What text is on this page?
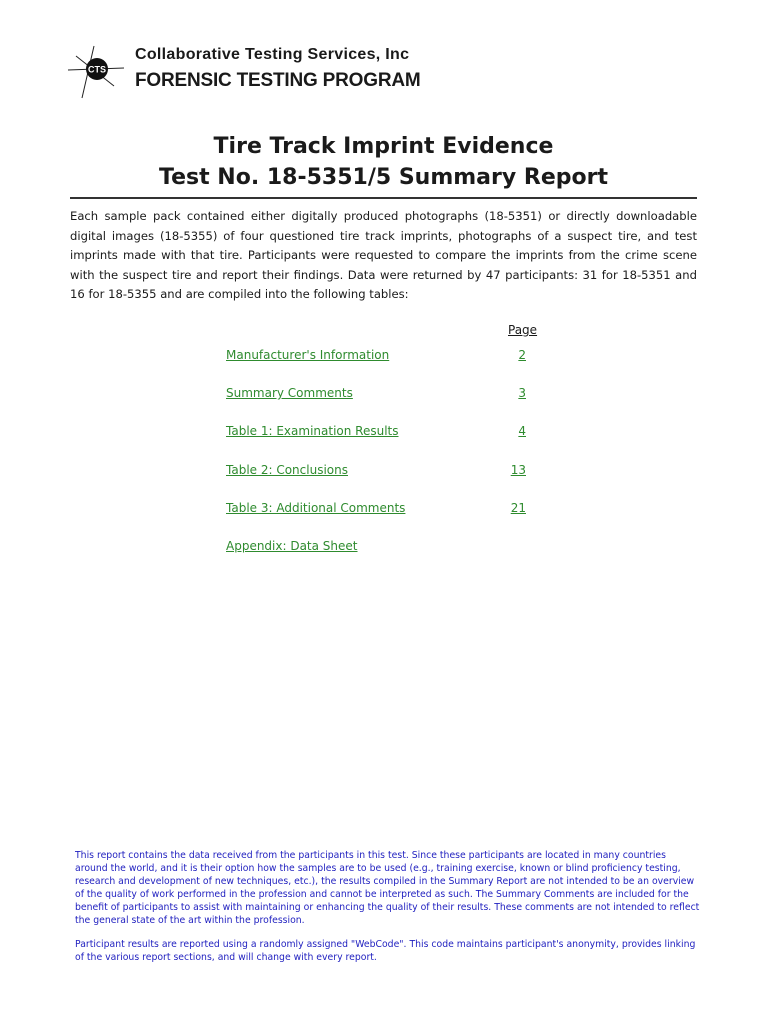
CTS
Collaborative Testing Services, Inc
FORENSIC TESTING PROGRAM
Tire Track Imprint Evidence
Test No. 18-5351/5 Summary Report
Each sample pack contained either digitally produced photographs (18-5351) or directly downloadable digital images (18-5355) of four questioned tire track imprints, photographs of a suspect tire, and test imprints made with that tire. Participants were requested to compare the imprints from the crime scene with the suspect tire and report their findings. Data were returned by 47 participants: 31 for 18-5351 and 16 for 18-5355 and are compiled into the following tables:
Page
Manufacturer's Information	2
Summary Comments	3
Table 1: Examination Results	4
Table 2: Conclusions	13
Table 3: Additional Comments	21
Appendix: Data Sheet
This report contains the data received from the participants in this test. Since these participants are located in many countries around the world, and it is their option how the samples are to be used (e.g., training exercise, known or blind proficiency testing, research and development of new techniques, etc.), the results compiled in the Summary Report are not intended to be an overview of the quality of work performed in the profession and cannot be interpreted as such. The Summary Comments are included for the benefit of participants to assist with maintaining or enhancing the quality of their results. These comments are not intended to reflect the general state of the art within the profession.
Participant results are reported using a randomly assigned "WebCode". This code maintains participant's anonymity, provides linking of the various report sections, and will change with every report.
